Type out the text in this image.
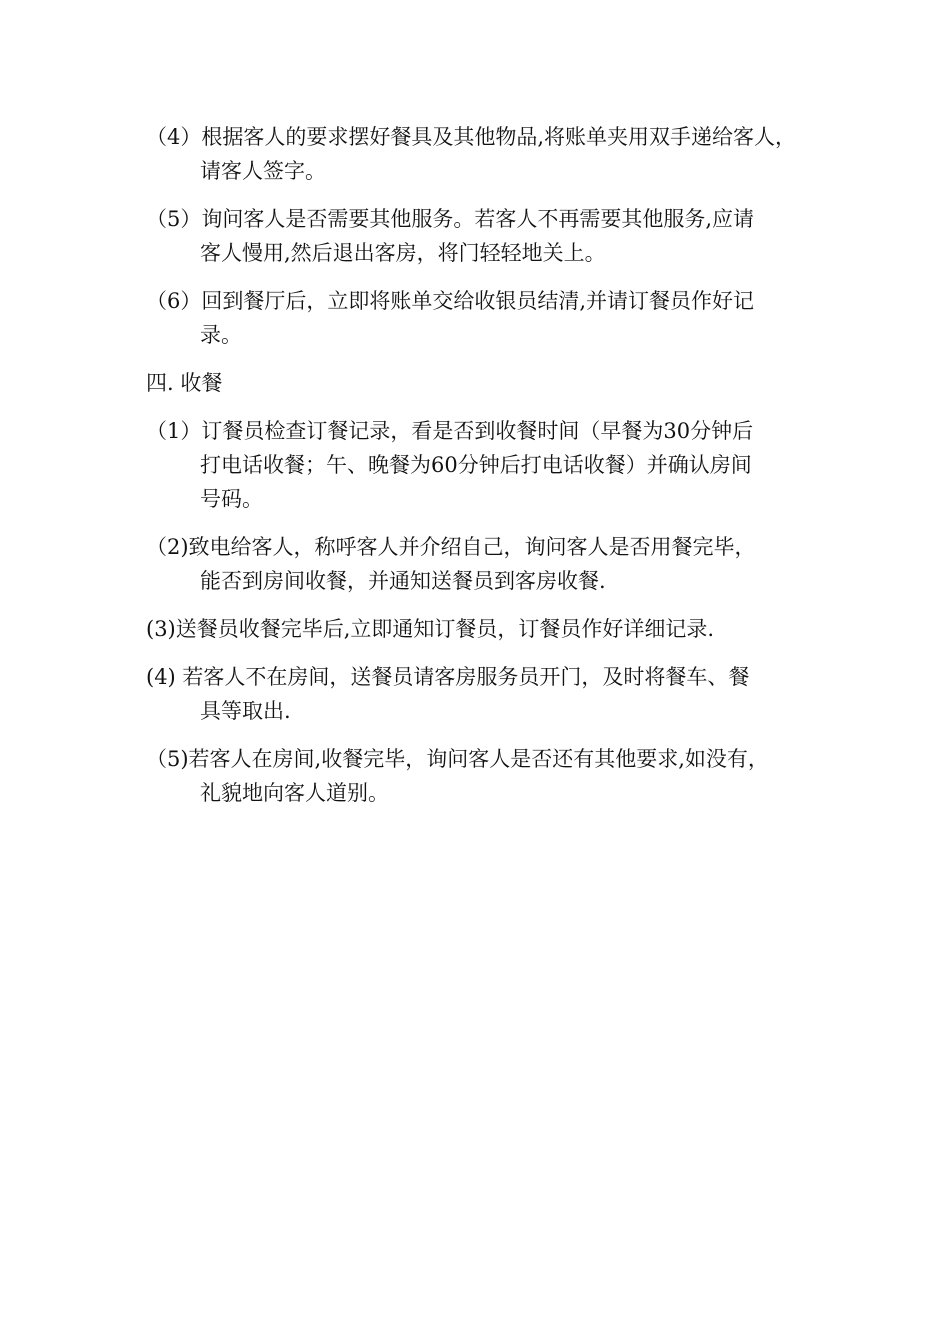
（4）根据客人的要求摆好餐具及其他物品,将账单夹用双手递给客人，
请客人签字。
（5）询问客人是否需要其他服务。若客人不再需要其他服务,应请
客人慢用,然后退出客房，将门轻轻地关上。
（6）回到餐厅后，立即将账单交给收银员结清,并请订餐员作好记
录。
四. 收餐
（1）订餐员检查订餐记录，看是否到收餐时间（早餐为30分钟后
打电话收餐；午、晚餐为60分钟后打电话收餐）并确认房间
号码。
（2)致电给客人，称呼客人并介绍自己，询问客人是否用餐完毕，
能否到房间收餐，并通知送餐员到客房收餐.
(3)送餐员收餐完毕后,立即通知订餐员，订餐员作好详细记录.
(4) 若客人不在房间，送餐员请客房服务员开门，及时将餐车、餐
具等取出.
（5)若客人在房间,收餐完毕，询问客人是否还有其他要求,如没有，
礼貌地向客人道别。
